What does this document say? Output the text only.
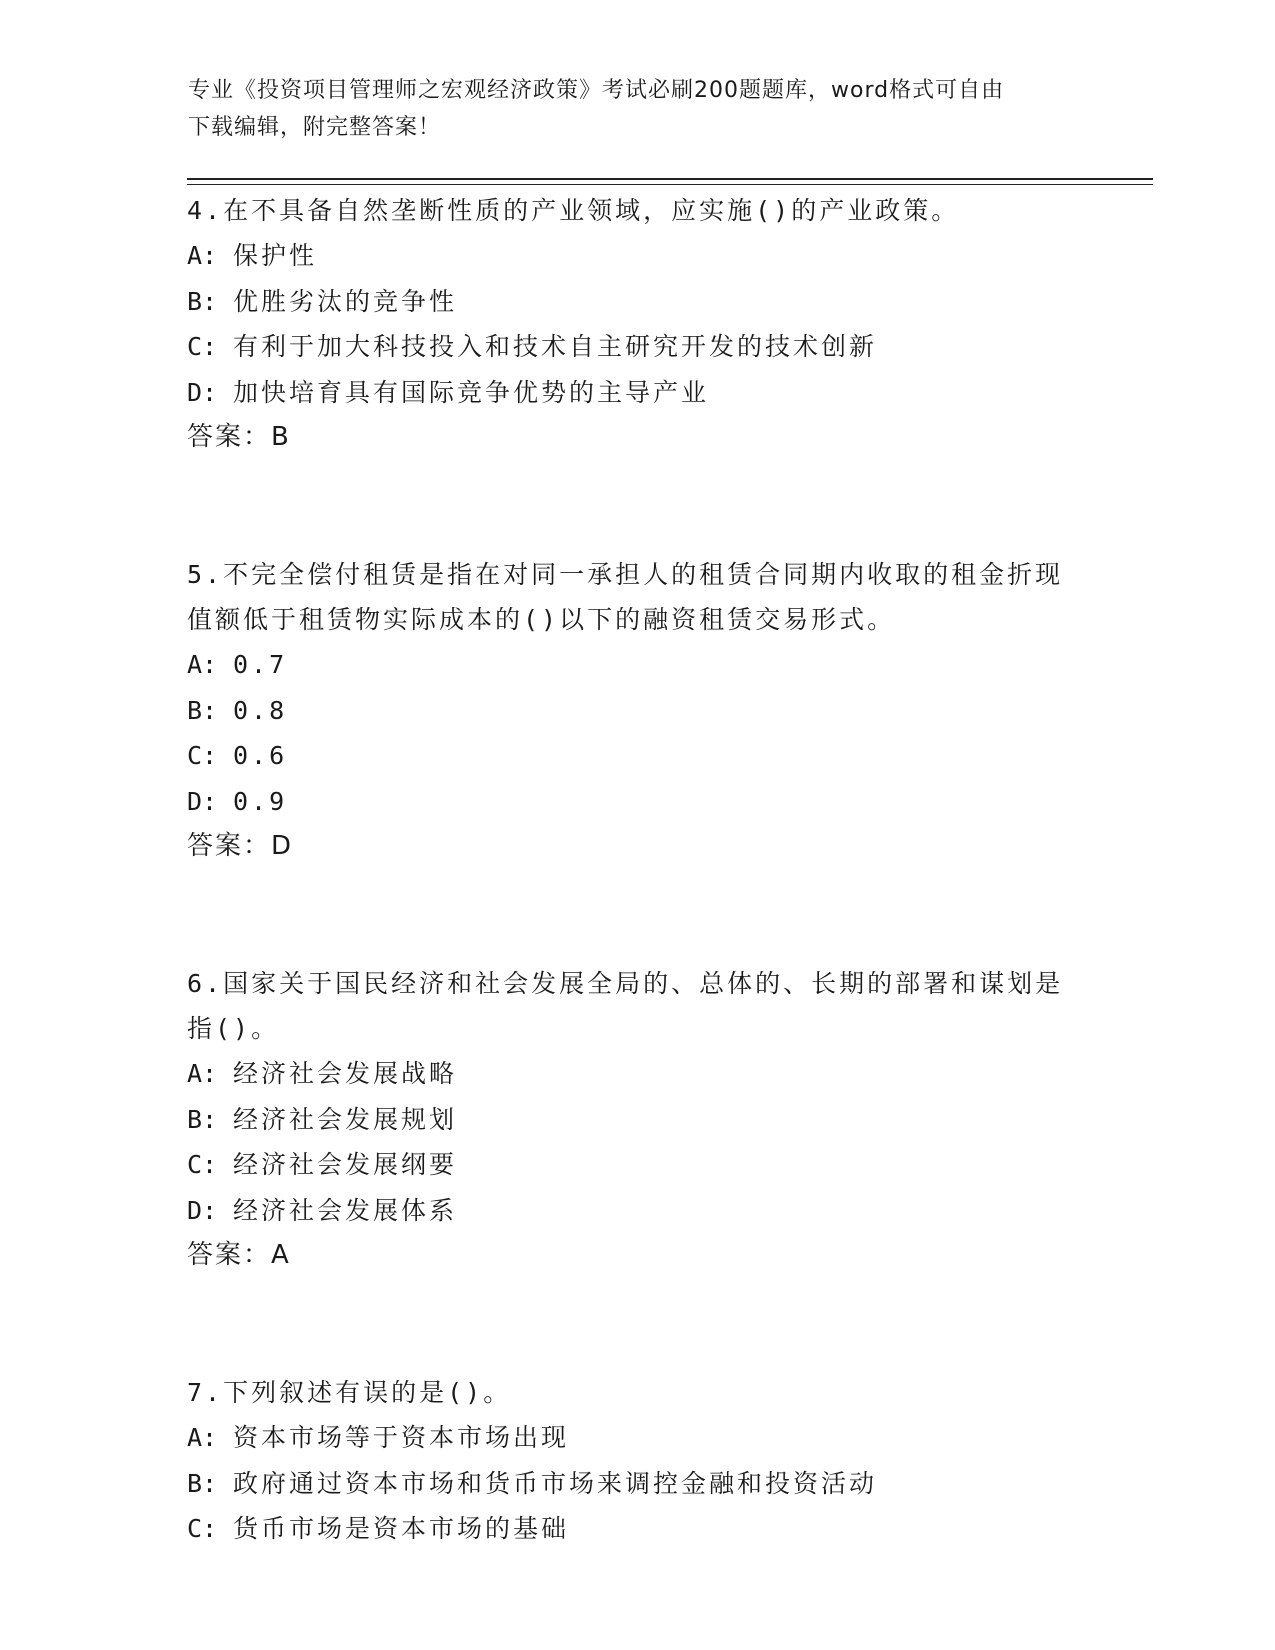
专业《投资项目管理师之宏观经济政策》考试必刷200题题库，word格式可自由
下载编辑，附完整答案！

4.在不具备自然垄断性质的产业领域，应实施()的产业政策。

A: 保护性

B: 优胜劣汰的竞争性

C: 有利于加大科技投入和技术自主研究开发的技术创新

D: 加快培育具有国际竞争优势的主导产业

答案：B

5.不完全偿付租赁是指在对同一承担人的租赁合同期内收取的租金折现值额低于租赁物实际成本的()以下的融资租赁交易形式。

A: 0.7

B: 0.8

C: 0.6

D: 0.9

答案：D

6.国家关于国民经济和社会发展全局的、总体的、长期的部署和谋划是指()。

A: 经济社会发展战略

B: 经济社会发展规划

C: 经济社会发展纲要

D: 经济社会发展体系

答案：A

7.下列叙述有误的是()。

A: 资本市场等于资本市场出现

B: 政府通过资本市场和货币市场来调控金融和投资活动

C: 货币市场是资本市场的基础
